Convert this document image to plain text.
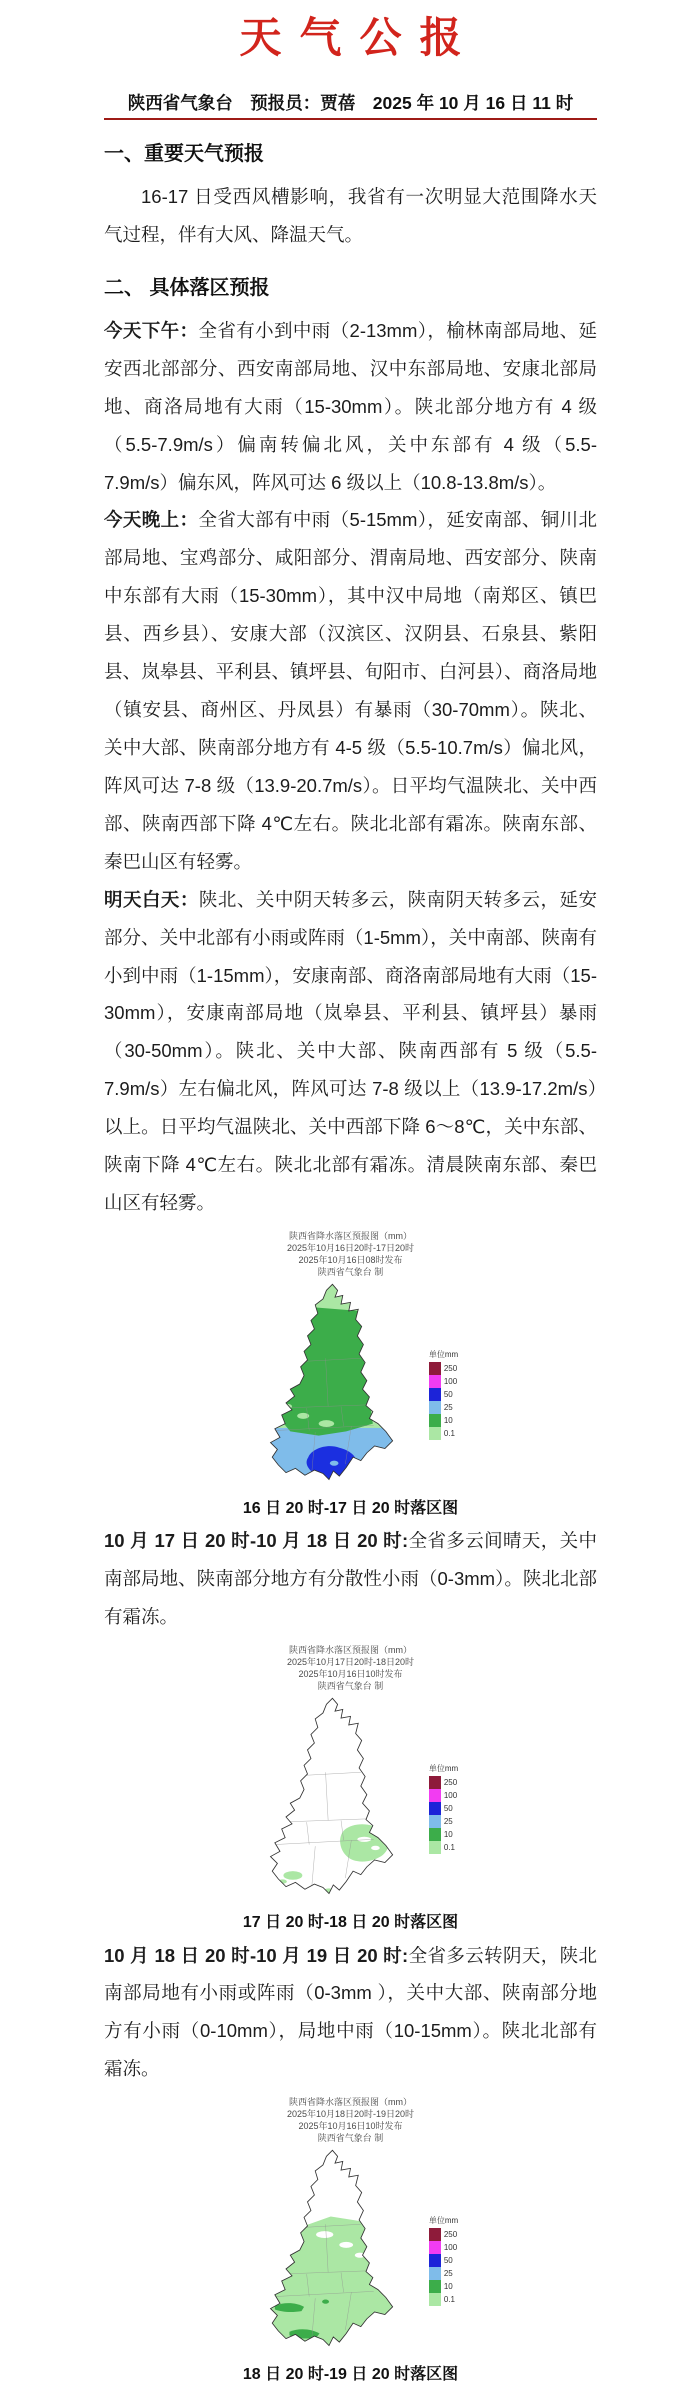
天气公报
陕西省气象台　预报员：贾蓓　2025 年 10 月 16 日 11 时
一、重要天气预报

16-17 日受西风槽影响，我省有一次明显大范围降水天气过程，伴有大风、降温天气。

二、 具体落区预报

今天下午：全省有小到中雨（2-13mm），榆林南部局地、延安西北部部分、西安南部局地、汉中东部局地、安康北部局地、商洛局地有大雨（15-30mm）。陕北部分地方有 4 级（5.5-7.9m/s）偏南转偏北风，关中东部有 4 级（5.5-7.9m/s）偏东风，阵风可达 6 级以上（10.8-13.8m/s）。

今天晚上：全省大部有中雨（5-15mm），延安南部、铜川北部局地、宝鸡部分、咸阳部分、渭南局地、西安部分、陕南中东部有大雨（15-30mm），其中汉中局地（南郑区、镇巴县、西乡县）、安康大部（汉滨区、汉阴县、石泉县、紫阳县、岚皋县、平利县、镇坪县、旬阳市、白河县）、商洛局地（镇安县、商州区、丹凤县）有暴雨（30-70mm）。陕北、关中大部、陕南部分地方有 4-5 级（5.5-10.7m/s）偏北风，阵风可达 7-8 级（13.9-20.7m/s）。日平均气温陕北、关中西部、陕南西部下降 4℃左右。陕北北部有霜冻。陕南东部、秦巴山区有轻雾。

明天白天：陕北、关中阴天转多云，陕南阴天转多云，延安部分、关中北部有小雨或阵雨（1-5mm），关中南部、陕南有小到中雨（1-15mm），安康南部、商洛南部局地有大雨（15-30mm），安康南部局地（岚皋县、平利县、镇坪县）暴雨（30-50mm）。陕北、关中大部、陕南西部有 5 级（5.5-7.9m/s）左右偏北风，阵风可达 7-8 级以上（13.9-17.2m/s）以上。日平均气温陕北、关中西部下降 6～8℃，关中东部、陕南下降 4℃左右。陕北北部有霜冻。清晨陕南东部、秦巴山区有轻雾。

陕西省降水落区预报图（mm）
2025年10月16日20时-17日20时
2025年10月16日08时发布
陕西省气象台 制
单位mm
250
100
50
25
10
0.1
16 日 20 时-17 日 20 时落区图

10 月 17 日 20 时-10 月 18 日 20 时:全省多云间晴天，关中南部局地、陕南部分地方有分散性小雨（0-3mm）。陕北北部有霜冻。

陕西省降水落区预报图（mm）
2025年10月17日20时-18日20时
2025年10月16日10时发布
陕西省气象台 制
单位mm
250
100
50
25
10
0.1
17 日 20 时-18 日 20 时落区图

10 月 18 日 20 时-10 月 19 日 20 时:全省多云转阴天，陕北南部局地有小雨或阵雨（0-3mm ），关中大部、陕南部分地方有小雨（0-10mm），局地中雨（10-15mm）。陕北北部有霜冻。

陕西省降水落区预报图（mm）
2025年10月18日20时-19日20时
2025年10月16日10时发布
陕西省气象台 制
单位mm
250
100
50
25
10
0.1
18 日 20 时-19 日 20 时落区图
